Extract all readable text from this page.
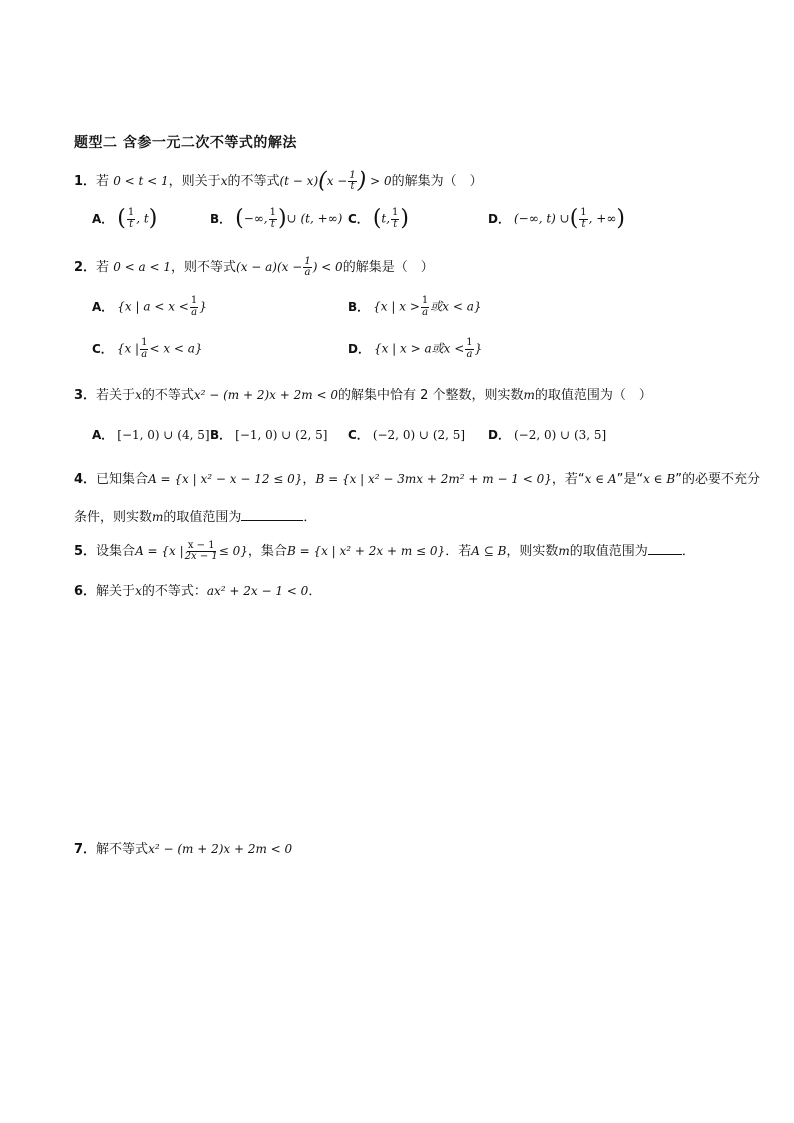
题型二 含参一元二次不等式的解法
1．若 0 < t < 1，则关于x的不等式$(t - x)(x - \frac{1}{t}$ ) > 0的解集为（　）
A． ( $\frac{1}{t}$ , t)	B． (−∞, $\frac{1}{t}$ )∪ (t, +∞) C． (t, $\frac{1}{t}$ )	D． (−∞, t) ∪( $\frac{1}{t}$ , +∞)
2．若 0 < a < 1，则不等式$(x - a)(x - \frac{1}{a}$ ) < 0的解集是（　）
A． {x | $a < x < \frac{1}{a}$ }	B． {x | $x > \frac{1}{a}$ 或x < a}
C． {x | $\frac{1}{a} < x < a$}	D． {x | x > a或$x < \frac{1}{a}$ }
3．若关于x的不等式x² − (m + 2)x + 2m < 0的解集中恰有 2 个整数，则实数m的取值范围为（　）
A． [−1, 0) ∪ (4, 5] B． [−1, 0) ∪ (2, 5] C． (−2, 0) ∪ (2, 5] D． (−2, 0) ∪ (3, 5]
4．已知集合A = {x | x² − x − 12 ≤ 0}，B = {x | x² − 3mx + 2m² + m − 1 < 0}，若“x ∈ A”是“x ∈ B”的必要不充分
条件，则实数m的取值范围为	．
5．设集合A = {x | $\frac{x - 1}{2x - 1} \le 0$}，集合B = {x | x² + 2x + m ≤ 0}．若A ⊆ B，则实数m的取值范围为	．
6．解关于x的不等式：ax² + 2x − 1 < 0．
7．解不等式x² − (m + 2)x + 2m < 0
